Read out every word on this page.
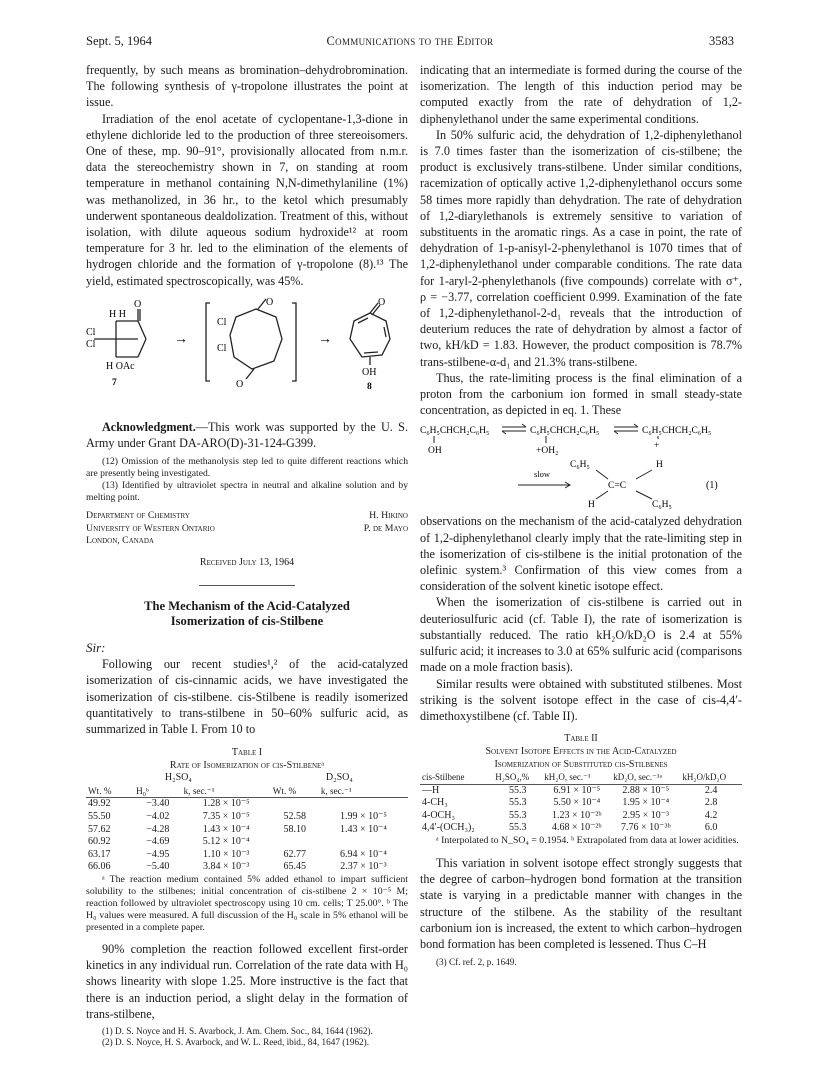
Sept. 5, 1964	Communications to the Editor	3583

frequently, by such means as bromination–dehydrobromination. The following synthesis of γ-tropolone illustrates the point at issue.

Irradiation of the enol acetate of cyclopentane-1,3-dione in ethylene dichloride led to the production of three stereoisomers. One of these, mp. 90–91°, provisionally allocated from n.m.r. data the stereochemistry shown in 7, on standing at room temperature in methanol containing N,N-dimethylaniline (1%) was methanolized, in 36 hr., to the ketol which presumably underwent spontaneous dealdolization. Treatment of this, without isolation, with dilute aqueous sodium hydroxide¹² at room temperature for 3 hr. led to the elimination of the elements of hydrogen chloride and the formation of γ-tropolone (8).¹³ The yield, estimated spectroscopically, was 45%.

Cl
Cl
H H
O
H OAc
7
→
Cl
Cl
O
O
→
O
OH
8

Acknowledgment.—This work was supported by the U. S. Army under Grant DA-ARO(D)-31-124-G399.

(12) Omission of the methanolysis step led to quite different reactions which are presently being investigated.

(13) Identified by ultraviolet spectra in neutral and alkaline solution and by melting point.

Department of Chemistry
University of Western Ontario
London, Canada
H. Hikino
P. de Mayo
Received July 13, 1964
The Mechanism of the Acid-Catalyzed
Isomerization of cis-Stilbene

Sir:

Following our recent studies¹,² of the acid-catalyzed isomerization of cis-cinnamic acids, we have investigated the isomerization of cis-stilbene. cis-Stilbene is readily isomerized quantitatively to trans-stilbene in 50–60% sulfuric acid, as summarized in Table I. From 10 to

Table I
Rate of Isomerization of cis-Stilbeneᵃ
H₂SO₄			D₂SO₄	
Wt. %	H₀ᵇ	k, sec.⁻¹	Wt. %	k, sec.⁻¹
49.92	−3.40	1.28 × 10⁻⁵		
55.50	−4.02	7.35 × 10⁻⁵	52.58	1.99 × 10⁻⁵
57.62	−4.28	1.43 × 10⁻⁴	58.10	1.43 × 10⁻⁴
60.92	−4.69	5.12 × 10⁻⁴		
63.17	−4.95	1.10 × 10⁻³	62.77	6.94 × 10⁻⁴
66.06	−5.40	3.84 × 10⁻³	65.45	2.37 × 10⁻³

ᵃ The reaction medium contained 5% added ethanol to impart sufficient solubility to the stilbenes; initial concentration of cis-stilbene 2 × 10⁻⁵ M; reaction followed by ultraviolet spectroscopy using 10 cm. cells; T 25.00°. ᵇ The H₀ values were measured. A full discussion of the H₀ scale in 5% ethanol will be presented in a complete paper.

90% completion the reaction followed excellent first-order kinetics in any individual run. Correlation of the rate data with H₀ shows linearity with slope 1.25. More instructive is the fact that there is an induction period, a slight delay in the formation of trans-stilbene,

(1) D. S. Noyce and H. S. Avarbock, J. Am. Chem. Soc., 84, 1644 (1962).

(2) D. S. Noyce, H. S. Avarbock, and W. L. Reed, ibid., 84, 1647 (1962).

indicating that an intermediate is formed during the course of the isomerization. The length of this induction period may be computed exactly from the rate of dehydration of 1,2-diphenylethanol under the same experimental conditions.

In 50% sulfuric acid, the dehydration of 1,2-diphenylethanol is 7.0 times faster than the isomerization of cis-stilbene; the product is exclusively trans-stilbene. Under similar conditions, racemization of optically active 1,2-diphenylethanol occurs some 58 times more rapidly than dehydration. The rate of dehydration of 1,2-diarylethanols is extremely sensitive to variation of substituents in the aromatic rings. As a case in point, the rate of dehydration of 1-p-anisyl-2-phenylethanol is 1070 times that of 1,2-diphenylethanol under comparable conditions. The rate data for 1-aryl-2-phenylethanols (five compounds) correlate with σ⁺, ρ = −3.77, correlation coefficient 0.999. Examination of the fate of 1,2-diphenylethanol-2-d₁ reveals that the introduction of deuterium reduces the rate of dehydration by almost a factor of two, kH/kD = 1.83. However, the product composition is 78.7% trans-stilbene-α-d₁ and 21.3% trans-stilbene.

Thus, the rate-limiting process is the final elimination of a proton from the carbonium ion formed in small steady-state concentration, as depicted in eq. 1. These

C₆H₅CHCH₂C₆H₅	C₆H₅CHCH₂C₆H₅	C₆H₅CHCH₂C₆H₅
OH	+OH₂	+
C₆H₅	H
slow
C=C	(1)
H	C₆H₅

observations on the mechanism of the acid-catalyzed dehydration of 1,2-diphenylethanol clearly imply that the rate-limiting step in the isomerization of cis-stilbene is the initial protonation of the olefinic system.³ Confirmation of this view comes from a consideration of the solvent kinetic isotope effect.

When the isomerization of cis-stilbene is carried out in deuteriosulfuric acid (cf. Table I), the rate of isomerization is substantially reduced. The ratio kH₂O/kD₂O is 2.4 at 55% sulfuric acid; it increases to 3.0 at 65% sulfuric acid (comparisons made on a mole fraction basis).

Similar results were obtained with substituted stilbenes. Most striking is the solvent isotope effect in the case of cis-4,4′-dimethoxystilbene (cf. Table II).

Table II
Solvent Isotope Effects in the Acid-Catalyzed
Isomerization of Substituted cis-Stilbenes
cis-Stilbene	H₂SO₄,%	kH₂O, sec.⁻¹	kD₂O, sec.⁻¹ᵃ	kH₂O/kD₂O
—H	55.3	6.91 × 10⁻⁵	2.88 × 10⁻⁵	2.4
4-CH₃	55.3	5.50 × 10⁻⁴	1.95 × 10⁻⁴	2.8
4-OCH₃	55.3	1.23 × 10⁻²ᵇ	2.95 × 10⁻³	4.2
4,4′-(OCH₃)₂	55.3	4.68 × 10⁻²ᵇ	7.76 × 10⁻³ᵇ	6.0

ᵃ Interpolated to N_SO₄ = 0.1954. ᵇ Extrapolated from data at lower acidities.

This variation in solvent isotope effect strongly suggests that the degree of carbon–hydrogen bond formation at the transition state is varying in a predictable manner with changes in the structure of the stilbene. As the stability of the resultant carbonium ion is increased, the extent to which carbon–hydrogen bond formation has been completed is lessened. Thus C–H

(3) Cf. ref. 2, p. 1649.
